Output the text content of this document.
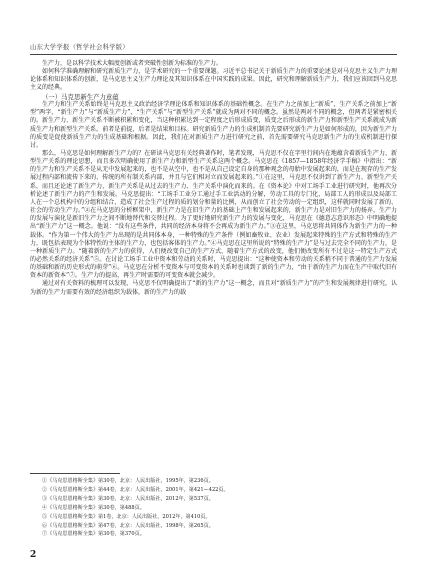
山东大学学报（哲学社会科学版）

生产力，是以科学技术大幅度创新或者突破性创新为标准的生产力。

如何科学准确理解和研究新质生产力，是学术研究的一个重要课题。习近平总书记关于新质生产力的重要论述是对马克思主义生产力理论体系和知识体系的创新，是马克思主义生产力理论及其知识体系在中国实践的成果。因此，研究和理解新质生产力，我们应该回到马克思主义的经典。

（一）马克思新生产力意蕴

生产力和生产关系始终是马克思主义政治经济学理论体系和知识体系的基础性概念。在生产力之前加上“新质”，生产关系之前加上“新型”两字，“新生产力”与“新质生产力”、“生产关系”与“新型生产关系”就成为两对不同的概念。虽然是两对不同的概念，但两者是紧密相关的。新生产力、新生产关系不断被积累和变化，当这种积累达到一定程度之后形成质变，质变之后形成的新生产力和新型生产关系就成为新质生产力和新型生产关系。前者是前提，后者是结果和目标。研究新质生产力的生成机制首先要研究新生产力是如何形成的，因为新生产力的质变是促使新质生产力的生成基础和根据。因此，我们在对新质生产力进行研究之前，首先需要研究马克思新生产力的生成机制进行探讨。

那么，马克思是如何理解新生产力的？在研读马克思有关经典著作时，笔者发现，马克思不仅在字里行间内在地蕴含着新质生产力、新型生产关系的理论思想，而且多次明确使用了新生产力和新型生产关系这两个概念。马克思在《1857—1858年经济学手稿》中指出：“新的生产力和生产关系不是从无中发展起来的，也不是从空中，也不是从自己设定自身的那种观念的母胎中发展起来的，而是在现存的生产发展过程内部和流传下来的、传统的所有制关系内部，并且与它们相对立而发展起来的。”①在这里，马克思不仅讲到了新生产力、新型生产关系，而且还论述了新生产力、新生产关系是从过去的生产力、生产关系中演化而来的。在《资本论》中对工场手工业进行研究时，他再次分析论述了新生产力的产生和发展。马克思提出：“工场手工业分工通过手工业活动的分解，劳动工具的专门化，局部工人的形成以及局部工人在一个总机构中的分组和结合，造成了社会生产过程的质的划分和量的比例，从而创立了社会劳动的一定组织，这样就同时发展了新的、社会的劳动生产力。”②在马克思的分析框架中，新生产力是在旧生产力的基础上产生和发展起来的，新生产力是对旧生产力的扬弃，生产力的发展与演化是新旧生产力之间不断地替代和交替过程。为了更好地研究新生产力的发展与变化，马克思在《德意志意识形态》中明确地提出“新生产力”这一概念。他说：“没有这些条件，共同的经济本身将不会再成为新生产力。”③在这里，马克思将共同体作为新生产力的一种载体。“作为第一个伟大的生产力出现的是共同体本身，一种特殊的生产条件（例如畜牧业、农业）发展起来特殊的生产方式和特殊的生产力，既包括表现为个体特性的主体的生产力，也包括客体的生产力。”④马克思在这里所说的“特殊的生产力”是与过去完全不同的生产力，是一种新质生产力。“随着新的生产力的获得，人们便改变自己的生产方式，随着生产方式的改变，他们便改变所有不过是这一特定生产方式的必然关系的经济关系”⑤。在讨论工场手工业中资本和劳动的关系时，马克思提出：“这种使资本和劳动的关系稍不同于普通的生产力发展的基础和新的历史形式的萌芽”⑥。马克思在分析不变资本与可变资本的关系时也谈到了新的生产力，“由于新的生产力而在生产中取代旧有资本的新资本”⑦。生产力的提高，再生产时需要的可变资本就会减少。

通过对有关资料的梳理可以发现，马克思不仅明确提出了“新的生产力”这一概念，而且对“新质生产力”的产生和发展规律进行研究，认为新的生产力需要有效的经济组织为载体，新的生产力的载

①《马克思恩格斯全集》第30卷，北京：人民出版社，1995年，第236页。
②《马克思恩格斯全集》第44卷，北京：人民出版社，2001年，第421—422页。
③《马克思恩格斯全集》第30卷，北京：人民出版社，2012年，第537页。
④《马克思恩格斯全集》第30卷，第488页。
⑤《马克思恩格斯全集》第1卷，北京：人民出版社，2012年，第410页。
⑥《马克思恩格斯全集》第47卷，北京：人民出版社，1998年，第265页。
⑦《马克思恩格斯全集》第30卷，第370页。
2
